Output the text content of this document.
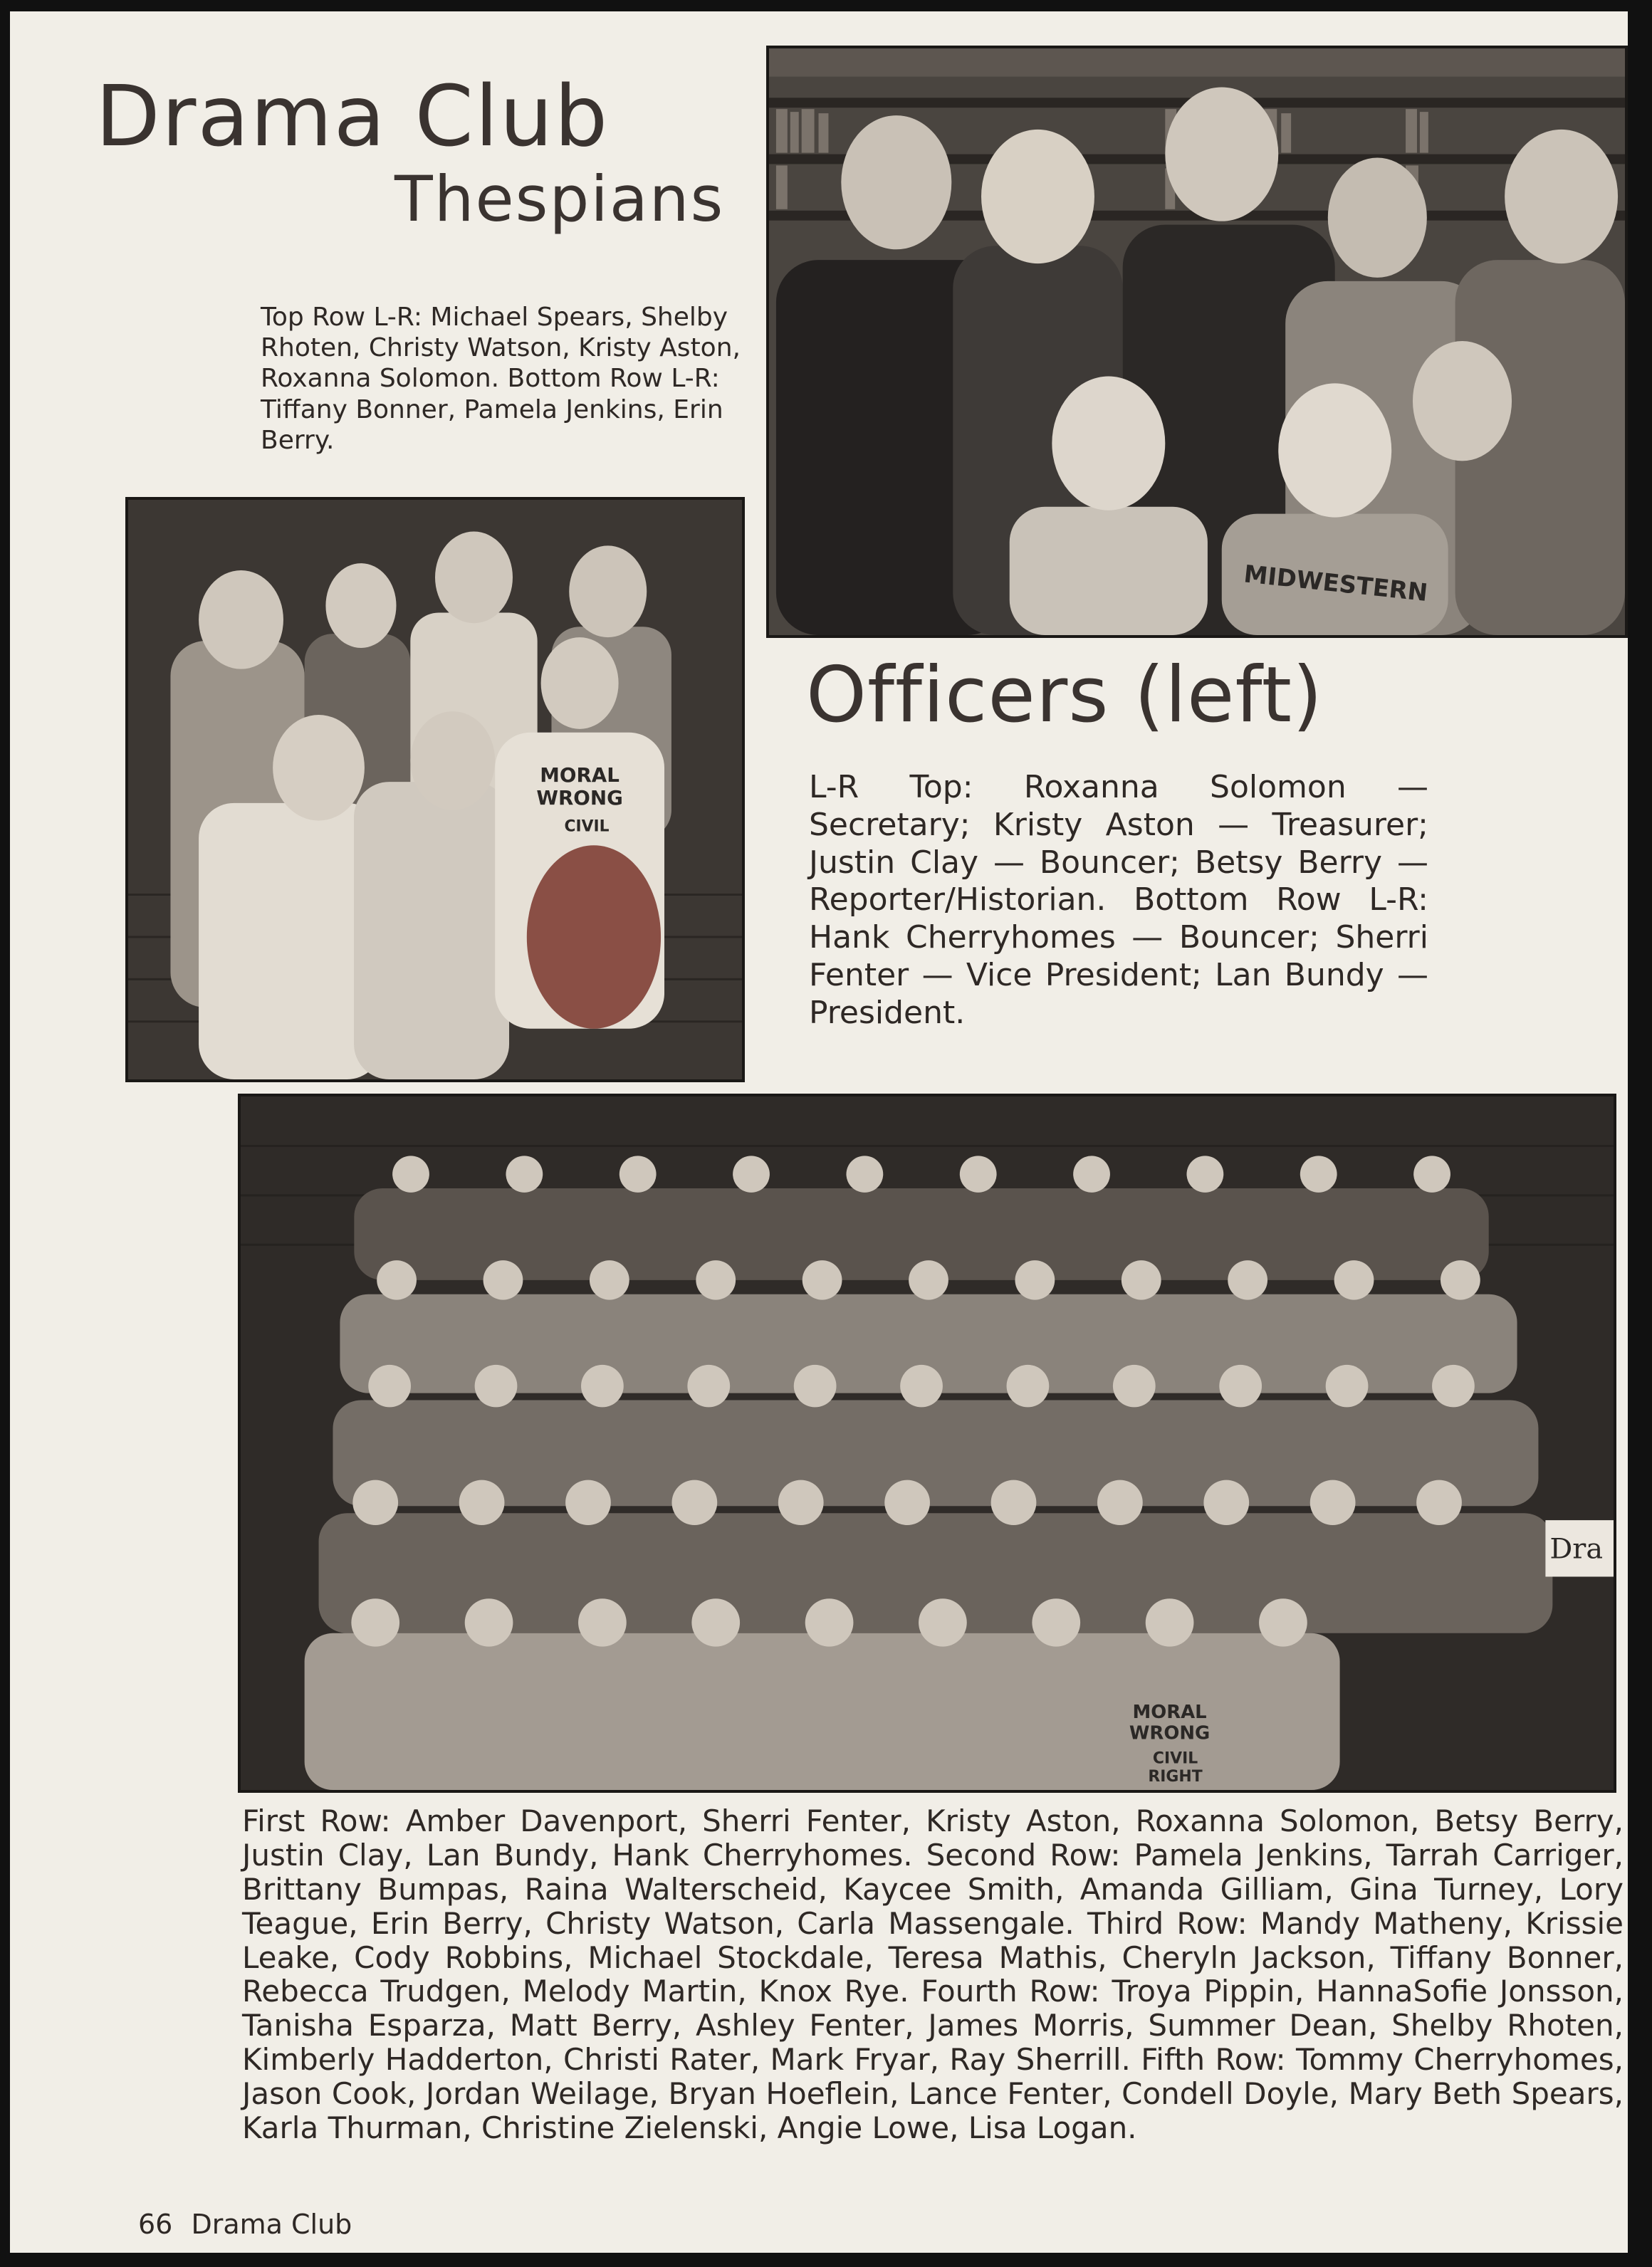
Drama Club
Thespians

Top Row L-R: Michael Spears, Shelby Rhoten, Christy Watson, Kristy Aston, Roxanna Solomon. Bottom Row L-R: Tiffany Bonner, Pamela Jenkins, Erin Berry.

MIDWESTERN
MORAL
WRONG
CIVIL
Officers (left)

L-R Top: Roxanna Solomon — Secretary; Kristy Aston — Treasurer; Justin Clay — Bouncer; Betsy Berry — Reporter/Historian. Bottom Row L-R: Hank Cherryhomes — Bouncer; Sherri Fenter — Vice President; Lan Bundy — President.

MORAL
WRONG
CIVIL
RIGHT
Dra

First Row: Amber Davenport, Sherri Fenter, Kristy Aston, Roxanna Solomon, Betsy Berry, Justin Clay, Lan Bundy, Hank Cherryhomes. Second Row: Pamela Jenkins, Tarrah Carriger, Brittany Bumpas, Raina Walterscheid, Kaycee Smith, Amanda Gilliam, Gina Turney, Lory Teague, Erin Berry, Christy Watson, Carla Massengale. Third Row: Mandy Matheny, Krissie Leake, Cody Robbins, Michael Stockdale, Teresa Mathis, Cheryln Jackson, Tiffany Bonner, Rebecca Trudgen, Melody Martin, Knox Rye. Fourth Row: Troya Pippin, HannaSofie Jonsson, Tanisha Esparza, Matt Berry, Ashley Fenter, James Morris, Summer Dean, Shelby Rhoten, Kimberly Hadderton, Christi Rater, Mark Fryar, Ray Sherrill. Fifth Row: Tommy Cherryhomes, Jason Cook, Jordan Weilage, Bryan Hoeflein, Lance Fenter, Condell Doyle, Mary Beth Spears, Karla Thurman, Christine Zielenski, Angie Lowe, Lisa Logan.

66 Drama Club
